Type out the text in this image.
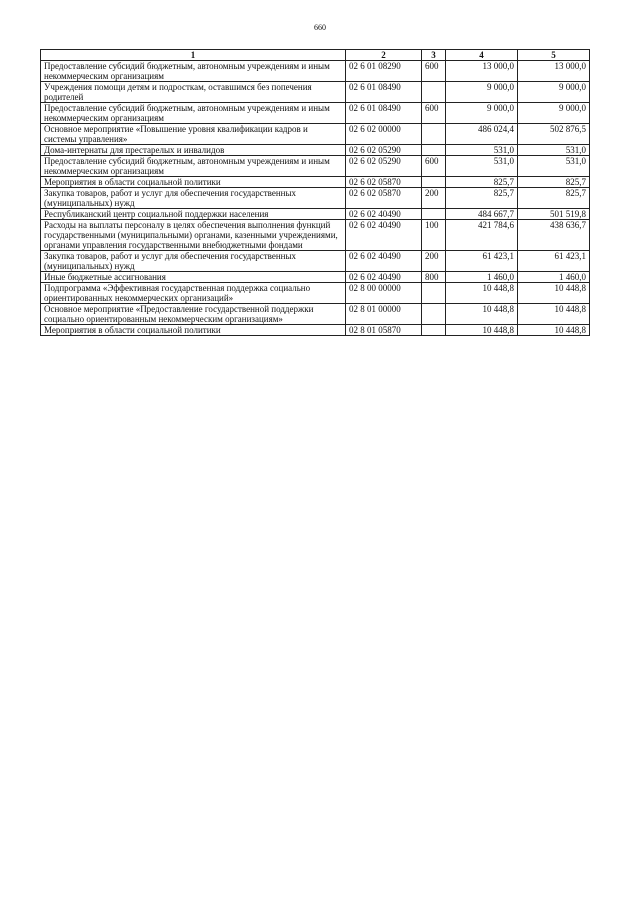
660
1	2	3	4	5
Предоставление субсидий бюджетным, автономным учреждениям и иным некоммерческим организациям	02 6 01 08290	600	13 000,0	13 000,0
Учреждения помощи детям и подросткам, оставшимся без попечения родителей	02 6 01 08490		9 000,0	9 000,0
Предоставление субсидий бюджетным, автономным учреждениям и иным некоммерческим организациям	02 6 01 08490	600	9 000,0	9 000,0
Основное мероприятие «Повышение уровня квалификации кадров и системы управления»	02 6 02 00000		486 024,4	502 876,5
Дома-интернаты для престарелых и инвалидов	02 6 02 05290		531,0	531,0
Предоставление субсидий бюджетным, автономным учреждениям и иным некоммерческим организациям	02 6 02 05290	600	531,0	531,0
Мероприятия в области социальной политики	02 6 02 05870		825,7	825,7
Закупка товаров, работ и услуг для обеспечения государственных (муниципальных) нужд	02 6 02 05870	200	825,7	825,7
Республиканский центр социальной поддержки населения	02 6 02 40490		484 667,7	501 519,8
Расходы на выплаты персоналу в целях обеспечения выполнения функций государственными (муниципальными) органами, казенными учреждениями, органами управления государственными внебюджетными фондами	02 6 02 40490	100	421 784,6	438 636,7
Закупка товаров, работ и услуг для обеспечения государственных (муниципальных) нужд	02 6 02 40490	200	61 423,1	61 423,1
Иные бюджетные ассигнования	02 6 02 40490	800	1 460,0	1 460,0
Подпрограмма «Эффективная государственная поддержка социально ориентированных некоммерческих организаций»	02 8 00 00000		10 448,8	10 448,8
Основное мероприятие «Предоставление государственной поддержки социально ориентированным некоммерческим организациям»	02 8 01 00000		10 448,8	10 448,8
Мероприятия в области социальной политики	02 8 01 05870		10 448,8	10 448,8
